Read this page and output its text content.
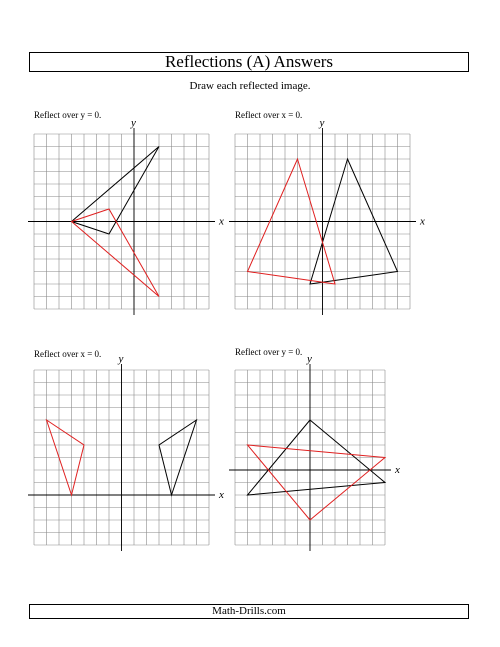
Reflections (A) Answers
Draw each reflected image.
Reflect over y = 0.
x
y
Reflect over x = 0.
x
y
Reflect over x = 0.
x
y
Reflect over y = 0.
x
y
Math-Drills.com
